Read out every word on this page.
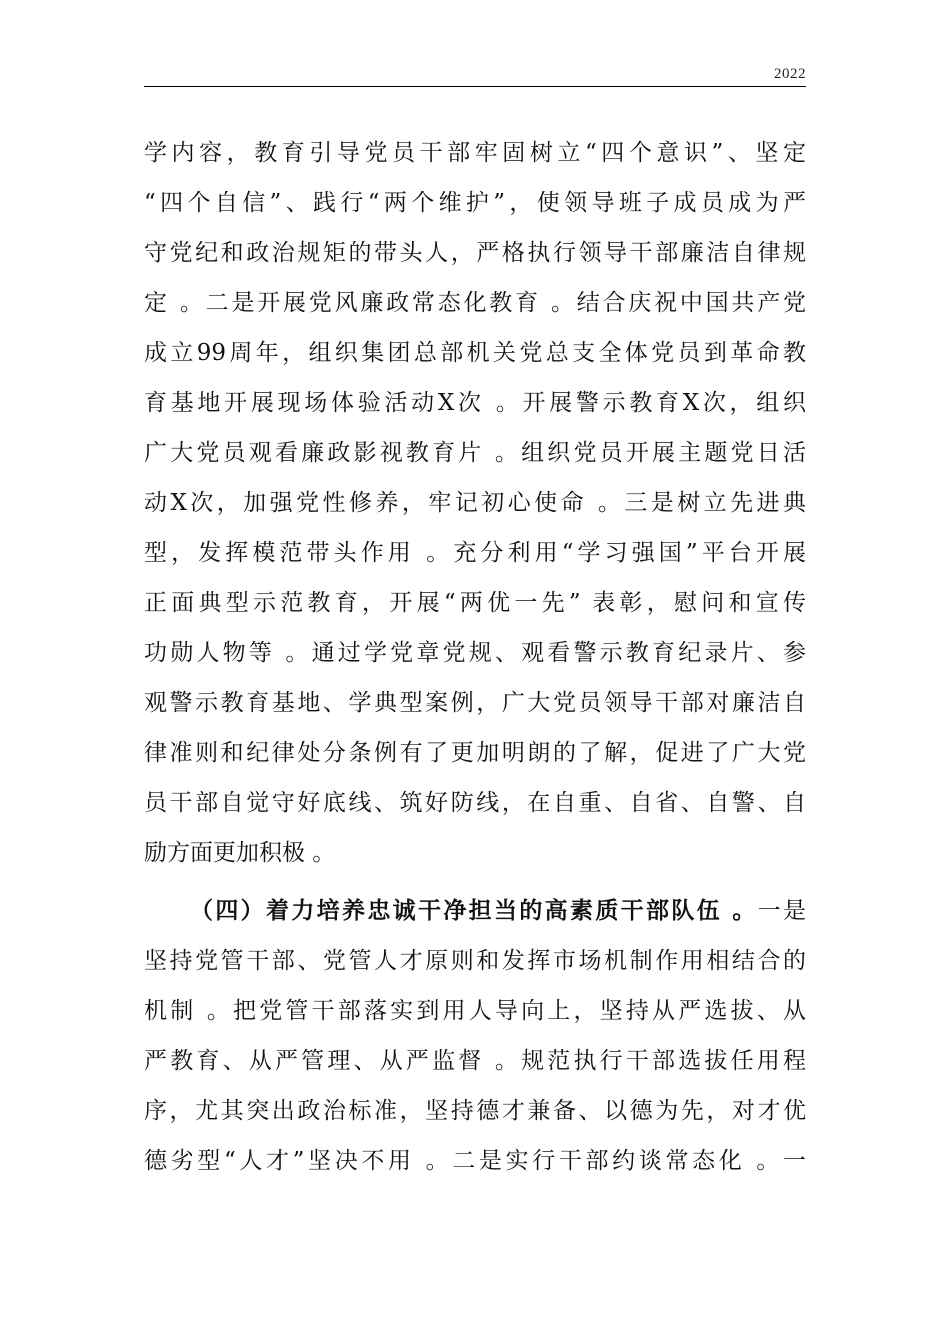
2022
学内容，教育引导党员干部牢固树立“四个意识”、坚定
“四个自信”、践行“两个维护”，使领导班子成员成为严
守党纪和政治规矩的带头人，严格执行领导干部廉洁自律规
定 。二是开展党风廉政常态化教育 。结合庆祝中国共产党
成立99周年，组织集团总部机关党总支全体党员到革命教
育基地开展现场体验活动X次 。开展警示教育X次，组织
广大党员观看廉政影视教育片 。组织党员开展主题党日活
动X次，加强党性修养，牢记初心使命 。三是树立先进典
型，发挥模范带头作用 。充分利用“学习强国”平台开展
正面典型示范教育，开展“两优一先” 表彰，慰问和宣传
功勋人物等 。通过学党章党规、观看警示教育纪录片、参
观警示教育基地、学典型案例，广大党员领导干部对廉洁自
律准则和纪律处分条例有了更加明朗的了解，促进了广大党
员干部自觉守好底线、筑好防线，在自重、自省、自警、自
励方面更加积极 。
（四）着力培养忠诚干净担当的高素质干部队伍 。一是
坚持党管干部、党管人才原则和发挥市场机制作用相结合的
机制 。把党管干部落实到用人导向上，坚持从严选拔、从
严教育、从严管理、从严监督 。规范执行干部选拔任用程
序，尤其突出政治标准，坚持德才兼备、以德为先，对才优
德劣型“人才”坚决不用 。二是实行干部约谈常态化 。一
